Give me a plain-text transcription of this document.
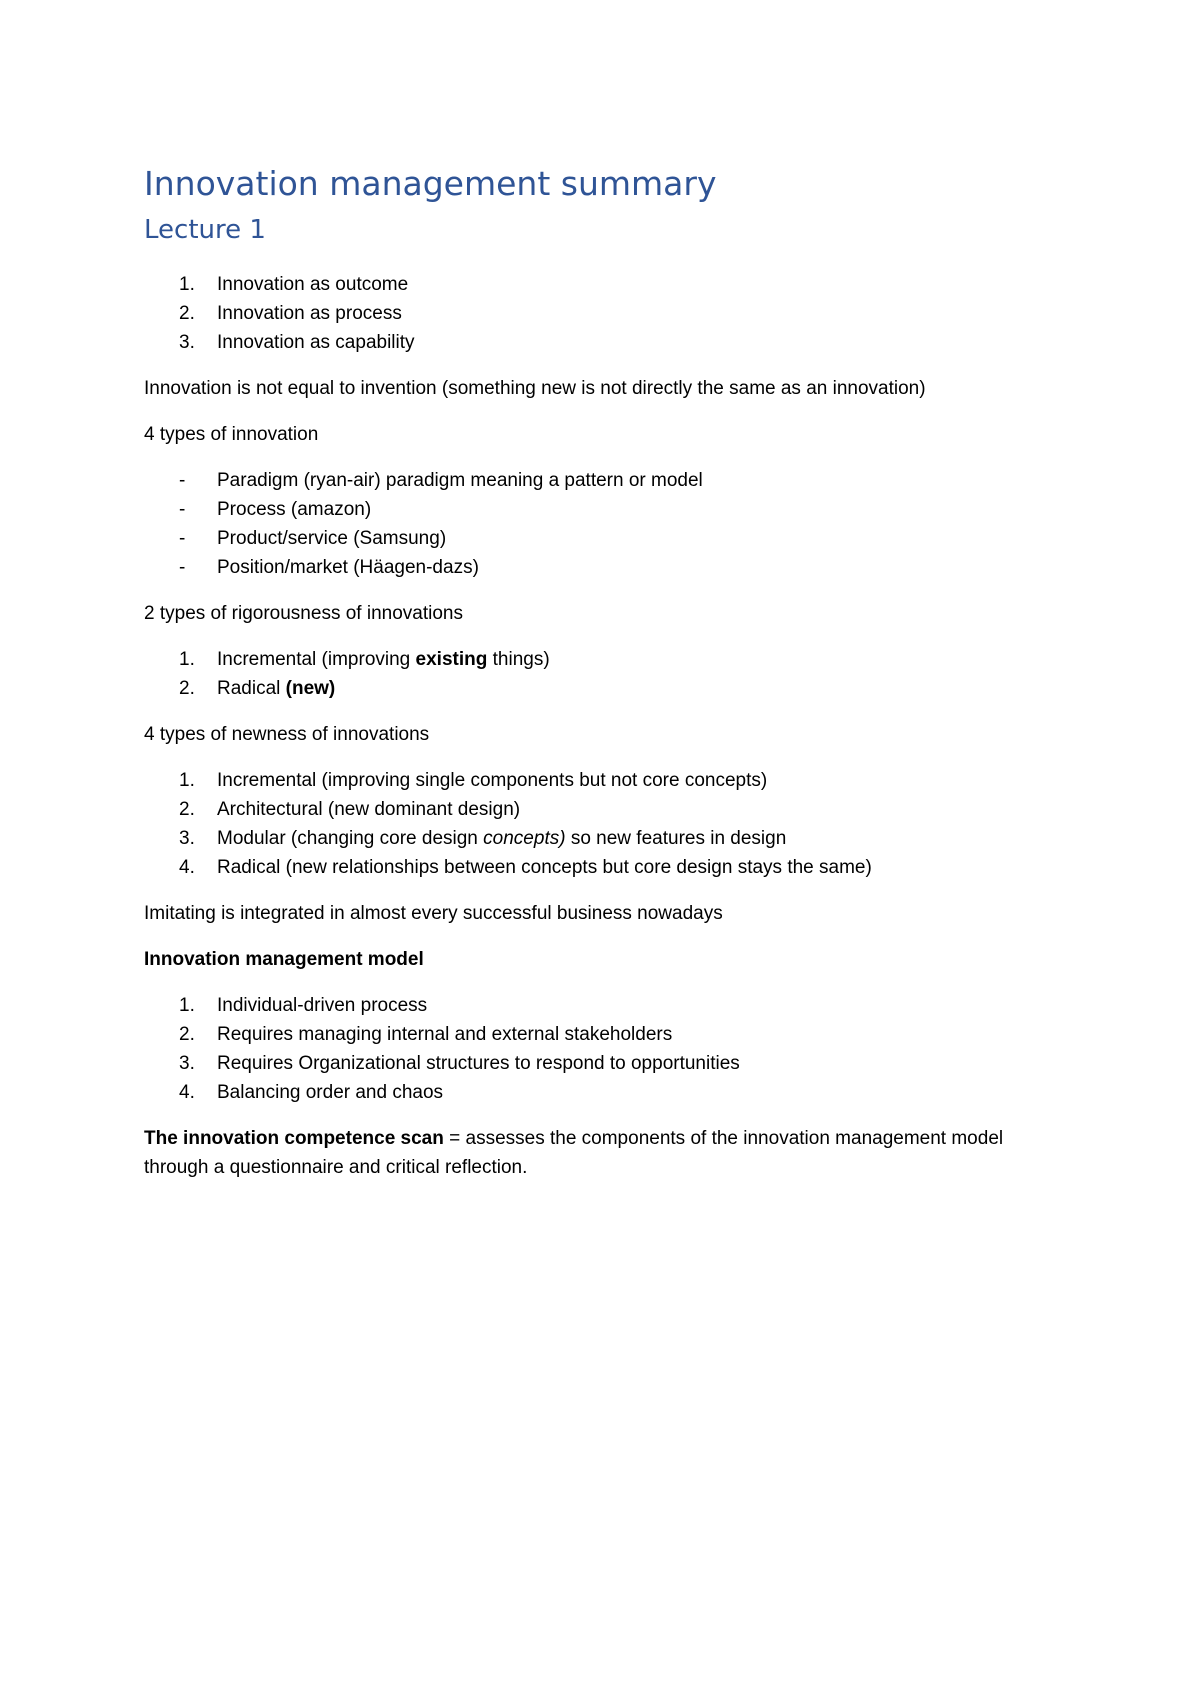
Innovation management summary
Lecture 1
1.	Innovation as outcome
2.	Innovation as process
3.	Innovation as capability

Innovation is not equal to invention (something new is not directly the same as an innovation)

4 types of innovation

-	Paradigm (ryan-air) paradigm meaning a pattern or model
-	Process (amazon)
-	Product/service (Samsung)
-	Position/market (Häagen-dazs)

2 types of rigorousness of innovations

1.	Incremental (improving existing things)
2.	Radical (new)

4 types of newness of innovations

1.	Incremental (improving single components but not core concepts)
2.	Architectural (new dominant design)
3.	Modular (changing core design concepts) so new features in design
4.	Radical (new relationships between concepts but core design stays the same)

Imitating is integrated in almost every successful business nowadays

Innovation management model

1.	Individual-driven process
2.	Requires managing internal and external stakeholders
3.	Requires Organizational structures to respond to opportunities
4.	Balancing order and chaos

The innovation competence scan = assesses the components of the innovation management model
through a questionnaire and critical reflection.
